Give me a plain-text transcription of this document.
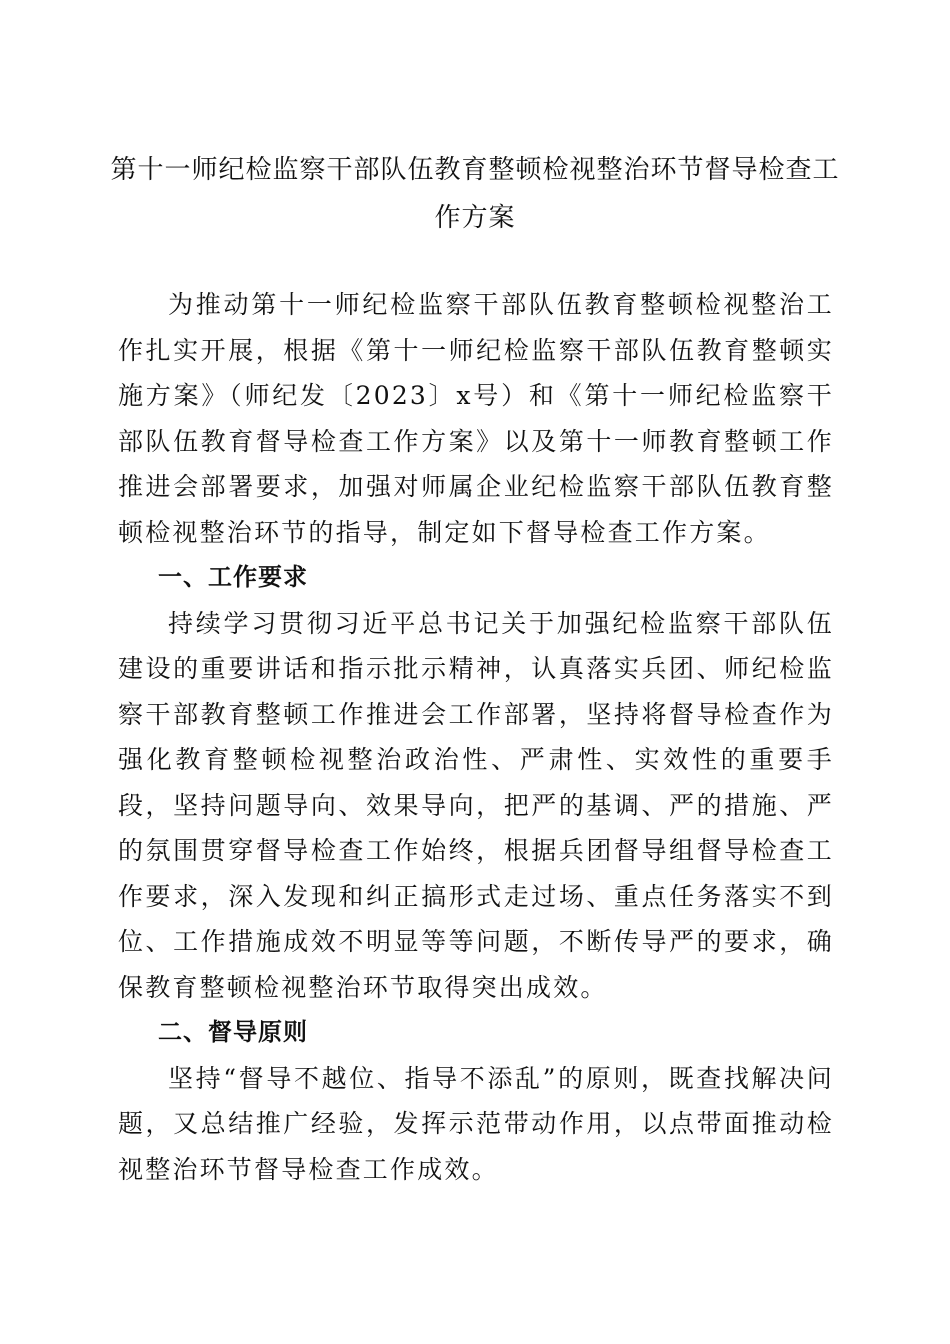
第十一师纪检监察干部队伍教育整顿检视整治环节督导检查工作方案

为推动第十一师纪检监察干部队伍教育整顿检视整治工作扎实开展，根据《第十一师纪检监察干部队伍教育整顿实施方案》（师纪发〔2023〕x号）和《第十一师纪检监察干部队伍教育督导检查工作方案》以及第十一师教育整顿工作推进会部署要求，加强对师属企业纪检监察干部队伍教育整顿检视整治环节的指导，制定如下督导检查工作方案。

一、工作要求

持续学习贯彻习近平总书记关于加强纪检监察干部队伍建设的重要讲话和指示批示精神，认真落实兵团、师纪检监察干部教育整顿工作推进会工作部署，坚持将督导检查作为强化教育整顿检视整治政治性、严肃性、实效性的重要手段，坚持问题导向、效果导向，把严的基调、严的措施、严的氛围贯穿督导检查工作始终，根据兵团督导组督导检查工作要求，深入发现和纠正搞形式走过场、重点任务落实不到位、工作措施成效不明显等等问题，不断传导严的要求，确保教育整顿检视整治环节取得突出成效。

二、督导原则

坚持“督导不越位、指导不添乱”的原则，既查找解决问题，又总结推广经验，发挥示范带动作用，以点带面推动检视整治环节督导检查工作成效。
